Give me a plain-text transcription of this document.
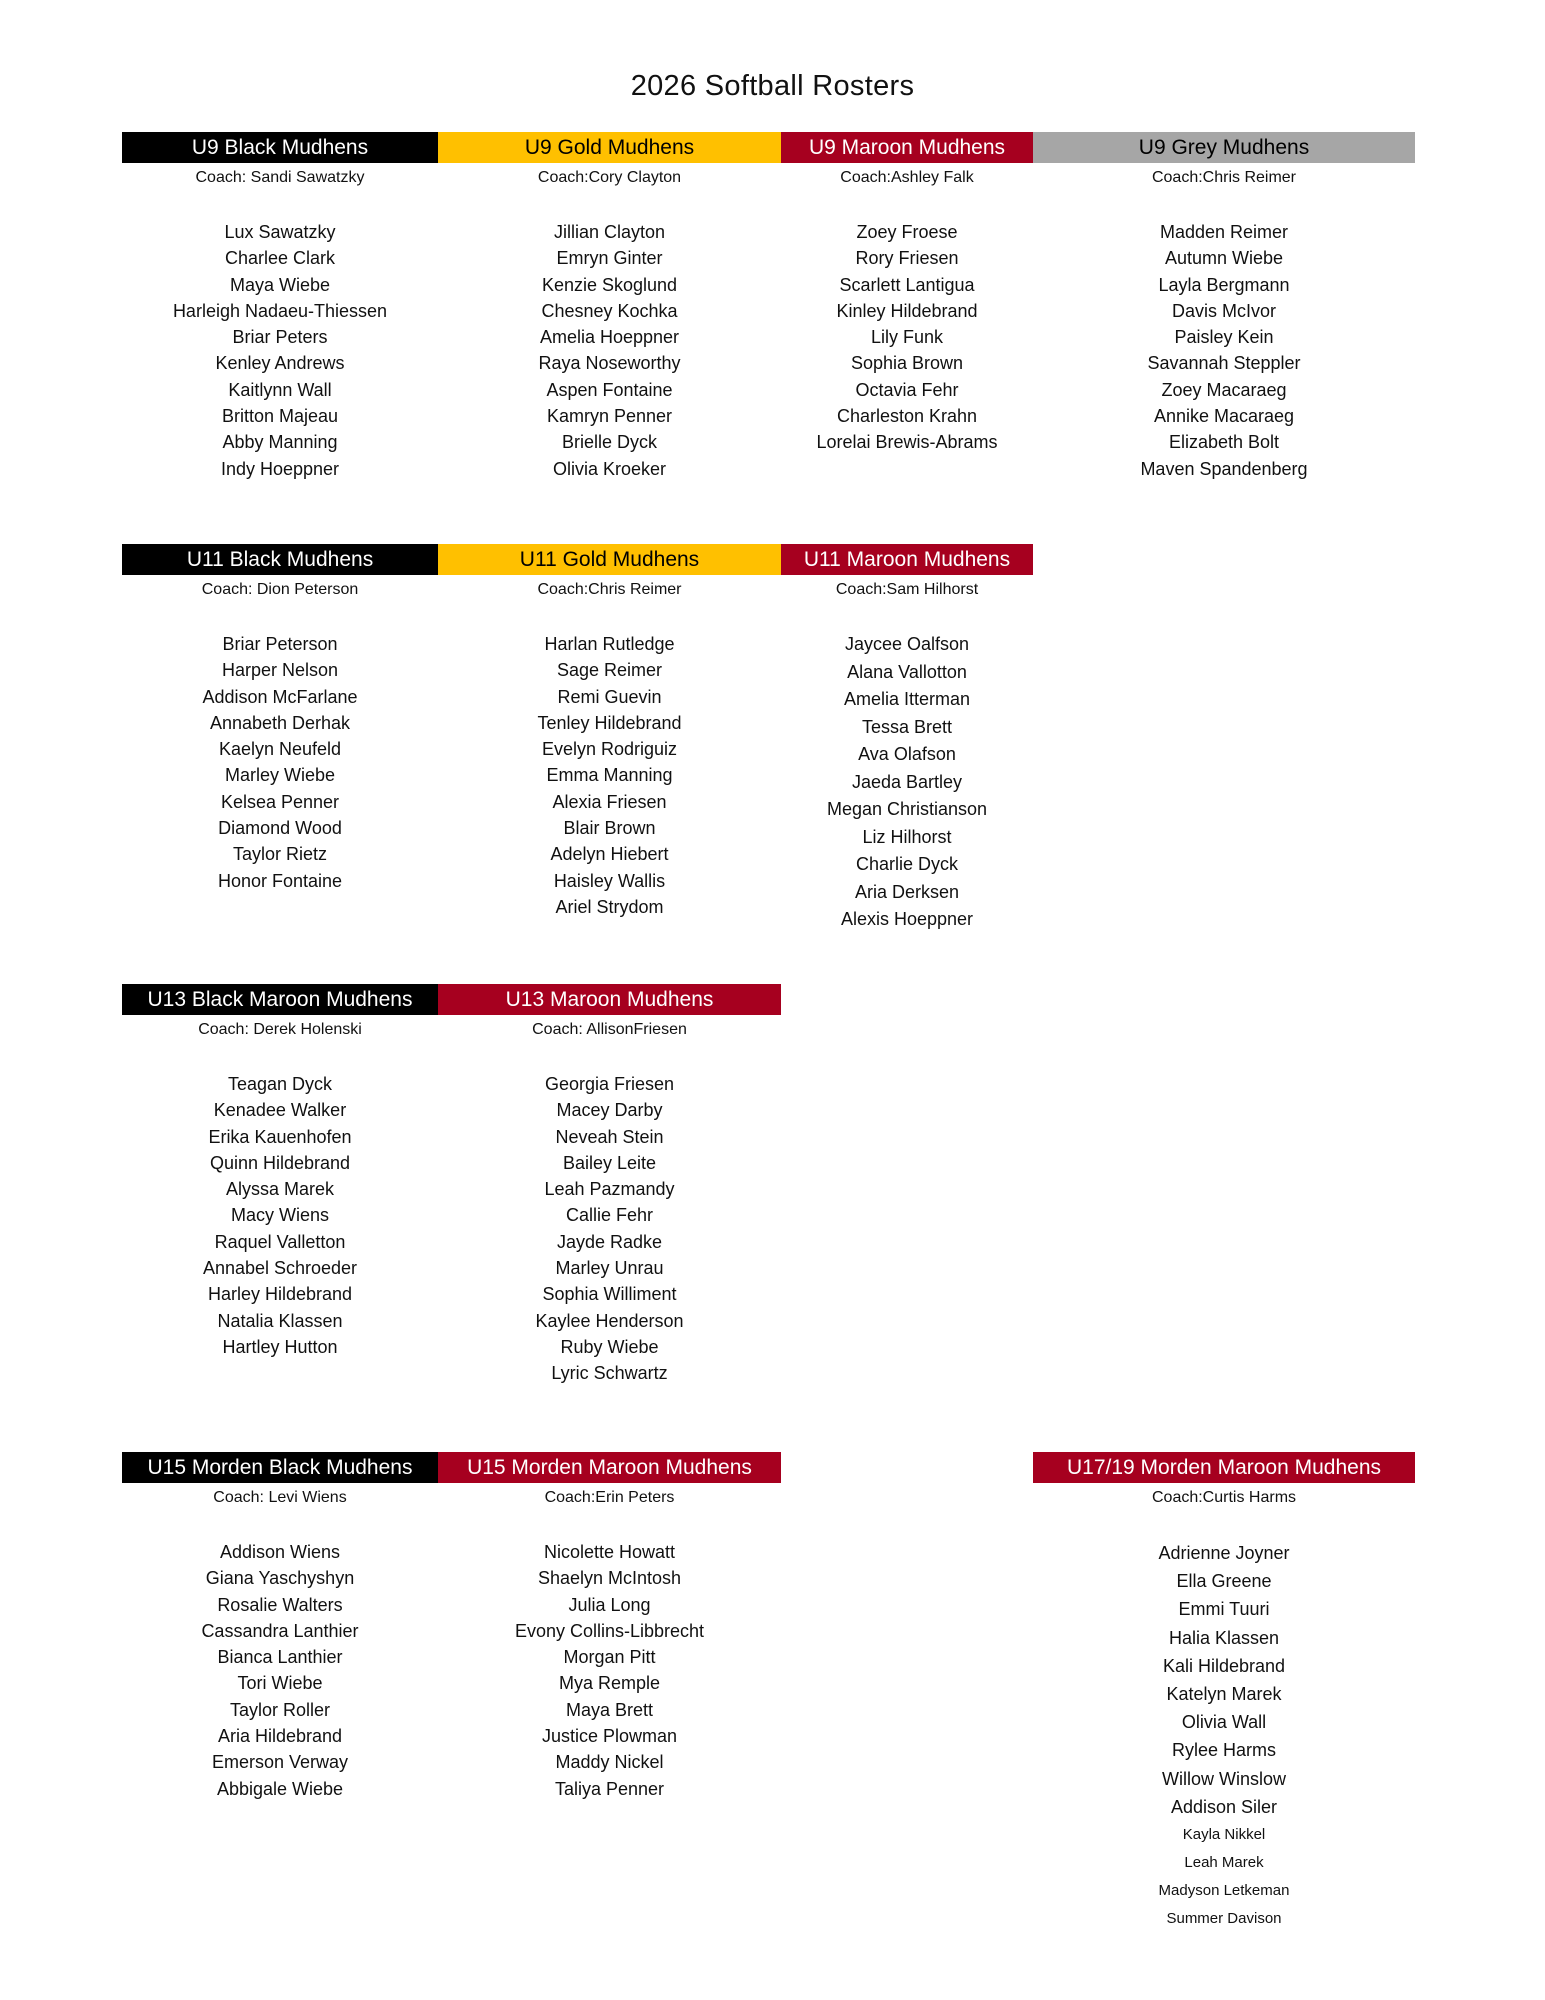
2026 Softball Rosters
U9 Black Mudhens
Coach: Sandi Sawatzky
Lux Sawatzky
Charlee Clark
Maya Wiebe
Harleigh Nadaeu-Thiessen
Briar Peters
Kenley Andrews
Kaitlynn Wall
Britton Majeau
Abby Manning
Indy Hoeppner
U9 Gold Mudhens
Coach:Cory Clayton
Jillian Clayton
Emryn Ginter
Kenzie Skoglund
Chesney Kochka
Amelia Hoeppner
Raya Noseworthy
Aspen Fontaine
Kamryn Penner
Brielle Dyck
Olivia Kroeker
U9 Maroon Mudhens
Coach:Ashley Falk
Zoey Froese
Rory Friesen
Scarlett Lantigua
Kinley Hildebrand
Lily Funk
Sophia Brown
Octavia Fehr
Charleston Krahn
Lorelai Brewis-Abrams
U9 Grey Mudhens
Coach:Chris Reimer
Madden Reimer
Autumn Wiebe
Layla Bergmann
Davis McIvor
Paisley Kein
Savannah Steppler
Zoey Macaraeg
Annike Macaraeg
Elizabeth Bolt
Maven Spandenberg
U11 Black Mudhens
Coach: Dion Peterson
Briar Peterson
Harper Nelson
Addison McFarlane
Annabeth Derhak
Kaelyn Neufeld
Marley Wiebe
Kelsea Penner
Diamond Wood
Taylor Rietz
Honor Fontaine
U11 Gold Mudhens
Coach:Chris Reimer
Harlan Rutledge
Sage Reimer
Remi Guevin
Tenley Hildebrand
Evelyn Rodriguiz
Emma Manning
Alexia Friesen
Blair Brown
Adelyn Hiebert
Haisley Wallis
Ariel Strydom
U11 Maroon Mudhens
Coach:Sam Hilhorst
Jaycee Oalfson
Alana Vallotton
Amelia Itterman
Tessa Brett
Ava Olafson
Jaeda Bartley
Megan Christianson
Liz Hilhorst
Charlie Dyck
Aria Derksen
Alexis Hoeppner
U13 Black Maroon Mudhens
Coach: Derek Holenski
Teagan Dyck
Kenadee Walker
Erika Kauenhofen
Quinn Hildebrand
Alyssa Marek
Macy Wiens
Raquel Valletton
Annabel Schroeder
Harley Hildebrand
Natalia Klassen
Hartley Hutton
U13 Maroon Mudhens
Coach: AllisonFriesen
Georgia Friesen
Macey Darby
Neveah Stein
Bailey Leite
Leah Pazmandy
Callie Fehr
Jayde Radke
Marley Unrau
Sophia Williment
Kaylee Henderson
Ruby Wiebe
Lyric Schwartz
U15 Morden Black Mudhens
Coach: Levi Wiens
Addison Wiens
Giana Yaschyshyn
Rosalie Walters
Cassandra Lanthier
Bianca Lanthier
Tori Wiebe
Taylor Roller
Aria Hildebrand
Emerson Verway
Abbigale Wiebe
U15 Morden Maroon Mudhens
Coach:Erin Peters
Nicolette Howatt
Shaelyn McIntosh
Julia Long
Evony Collins-Libbrecht
Morgan Pitt
Mya Remple
Maya Brett
Justice Plowman
Maddy Nickel
Taliya Penner
U17/19 Morden Maroon Mudhens
Coach:Curtis Harms
Adrienne Joyner
Ella Greene
Emmi Tuuri
Halia Klassen
Kali Hildebrand
Katelyn Marek
Olivia Wall
Rylee Harms
Willow Winslow
Addison Siler
Kayla Nikkel
Leah Marek
Madyson Letkeman
Summer Davison
